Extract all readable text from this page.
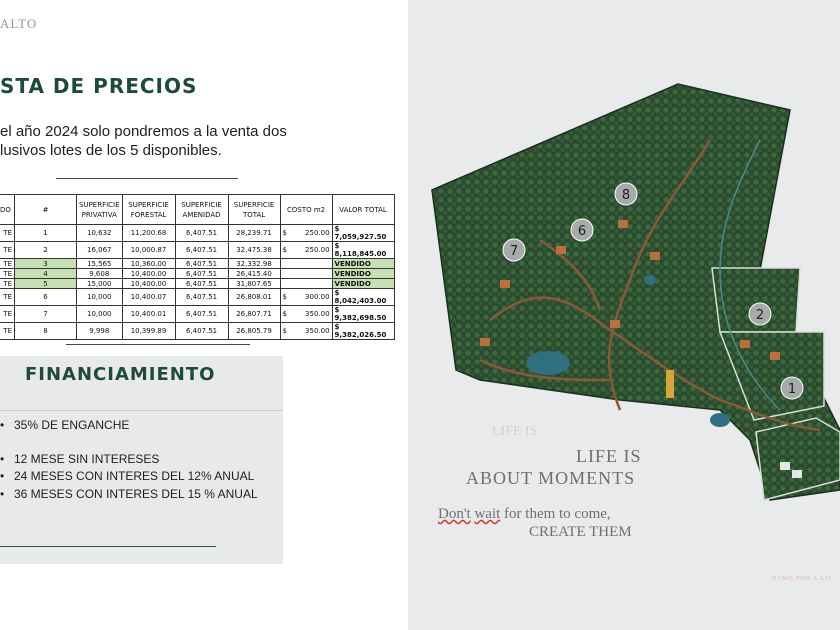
ALTO
STA DE PRECIOS
el año 2024 solo pondremos a la venta dos
lusivos lotes de los 5 disponibles.
DO	#	SUPERFICIE PRIVATIVA	SUPERFICIE FORESTAL	SUPERFICIE AMENIDAD	SUPERFICIE TOTAL	COSTO m2	VALOR TOTAL
TE	1	10,632	11,200.68	6,407.51	28,239.71	$ 250.00	$ 7,059,927.50
TE	2	16,067	10,000.87	6,407.51	32,475.38	$ 250.00	$ 8,118,845.00
TE	3	15,565	10,360.00	6,407.51	32,332.98		VENDIDO
TE	4	9,608	10,400.00	6,407.51	26,415.40		VENDIDO
TE	5	15,000	10,400.00	6,407.51	31,807.65		VENDIDO
TE	6	10,000	10,400.07	6,407.51	26,808.01	$ 300.00	$ 8,042,403.00
TE	7	10,000	10,400.01	6,407.51	26,807.71	$ 350.00	$ 9,382,698.50
TE	8	9,998	10,399.89	6,407.51	26,805.79	$ 350.00	$ 9,382,026.50
FINANCIAMIENTO
• 35% DE ENGANCHE
• 12 MESE SIN INTERESES
• 24 MESES CON INTERES DEL 12% ANUAL
• 36 MESES CON INTERES DEL 15 % ANUAL
1
2
6
7
8
LIFE IS
LIFE IS
ABOUT MOMENTS
Don't wait for them to come,
CREATE THEM
HOME FOR A LIF
